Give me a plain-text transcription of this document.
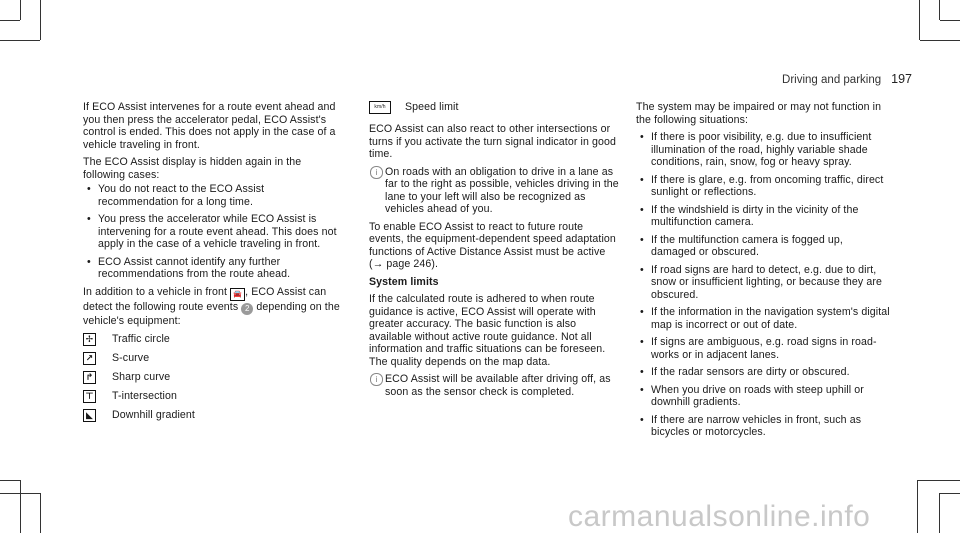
Driving and parking 197

If ECO Assist intervenes for a route event ahead and you then press the accelerator pedal, ECO Assist's control is ended. This does not apply in the case of a vehicle traveling in front.

The ECO Assist display is hidden again in the following cases:

• You do not react to the ECO Assist recommendation for a long time.
• You press the accelerator while ECO Assist is intervening for a route event ahead. This does not apply in the case of a vehicle traveling in front.
• ECO Assist cannot identify any further recommendations from the route ahead.

In addition to a vehicle in front 🚘 , ECO Assist can detect the following route events 2 depending on the vehicle's equipment:

✢ Traffic circle
↗ S-curve
↱ Sharp curve
⊤ T-intersection
◣ Downhill gradient
km/h	Speed limit

ECO Assist can also react to other intersections or turns if you activate the turn signal indicator in good time.

i On roads with an obligation to drive in a lane as far to the right as possible, vehicles driving in the lane to your left will also be recognized as vehicles ahead of you.

To enable ECO Assist to react to future route events, the equipment-dependent speed adaptation functions of Active Distance Assist must be active (→ page 246).

System limits

If the calculated route is adhered to when route guidance is active, ECO Assist will operate with greater accuracy. The basic function is also available without active route guidance. Not all information and traffic situations can be foreseen. The quality depends on the map data.

i ECO Assist will be available after driving off, as soon as the sensor check is completed.

The system may be impaired or may not function in the following situations:

• If there is poor visibility, e.g. due to insufficient illumination of the road, highly variable shade conditions, rain, snow, fog or heavy spray.
• If there is glare, e.g. from oncoming traffic, direct sunlight or reflections.
• If the windshield is dirty in the vicinity of the multifunction camera.
• If the multifunction camera is fogged up, damaged or obscured.
• If road signs are hard to detect, e.g. due to dirt, snow or insufficient lighting, or because they are obscured.
• If the information in the navigation system's digital map is incorrect or out of date.
• If signs are ambiguous, e.g. road signs in road-works or in adjacent lanes.
• If the radar sensors are dirty or obscured.
• When you drive on roads with steep uphill or downhill gradients.
• If there are narrow vehicles in front, such as bicycles or motorcycles.
carmanualsonline.info
